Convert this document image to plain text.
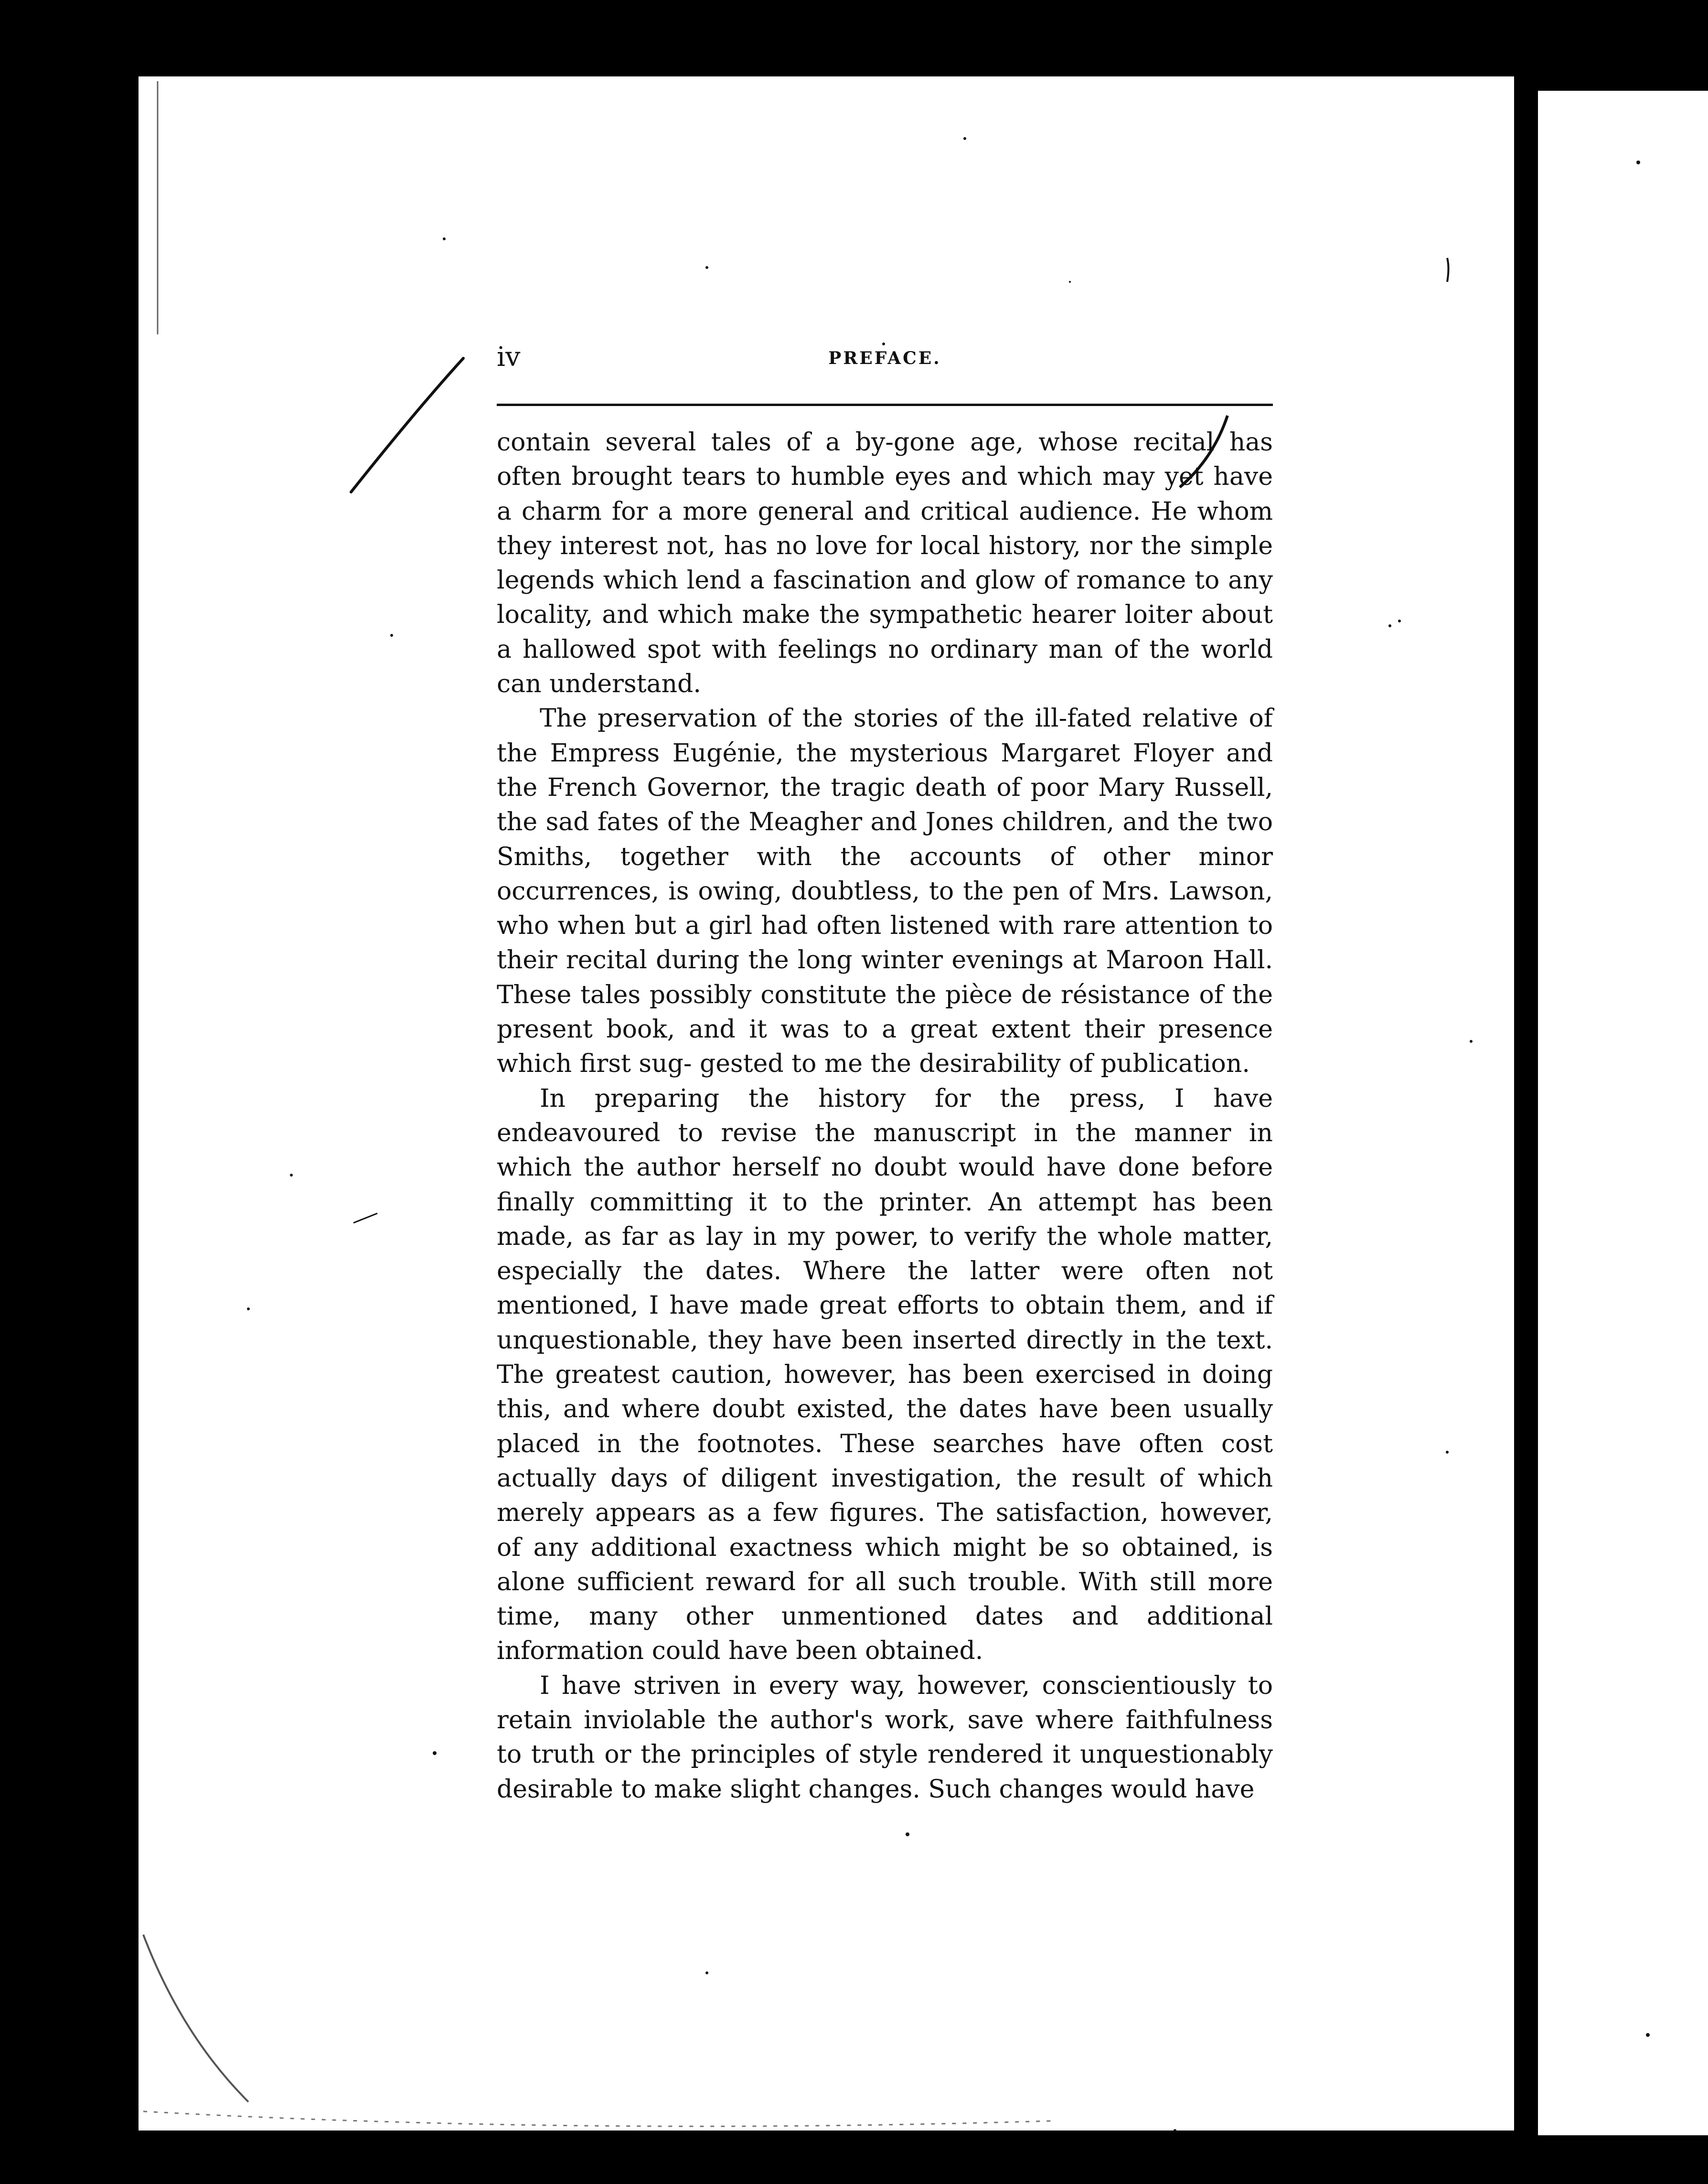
iv	PREFACE.

contain several tales of a by-gone age, whose recital has often brought tears to humble eyes and which may yet have a charm for a more general and critical audience. He whom they interest not, has no love for local history, nor the simple legends which lend a fascination and glow of romance to any locality, and which make the sympathetic hearer loiter about a hallowed spot with feelings no ordinary man of the world can understand.

The preservation of the stories of the ill-fated relative of the Empress Eugénie, the mysterious Margaret Floyer and the French Governor, the tragic death of poor Mary Russell, the sad fates of the Meagher and Jones children, and the two Smiths, together with the accounts of other minor occurrences, is owing, doubtless, to the pen of Mrs. Lawson, who when but a girl had often listened with rare attention to their recital during the long winter evenings at Maroon Hall. These tales possibly constitute the pièce de résistance of the present book, and it was to a great extent their presence which first sug- gested to me the desirability of publication.

In preparing the history for the press, I have endeavoured to revise the manuscript in the manner in which the author herself no doubt would have done before finally committing it to the printer. An attempt has been made, as far as lay in my power, to verify the whole matter, especially the dates. Where the latter were often not mentioned, I have made great efforts to obtain them, and if unquestionable, they have been inserted directly in the text. The greatest caution, however, has been exercised in doing this, and where doubt existed, the dates have been usually placed in the footnotes. These searches have often cost actually days of diligent investigation, the result of which merely appears as a few figures. The satisfaction, however, of any additional exactness which might be so obtained, is alone sufficient reward for all such trouble. With still more time, many other unmentioned dates and additional information could have been obtained.

I have striven in every way, however, conscientiously to retain inviolable the author's work, save where faithfulness to truth or the principles of style rendered it unquestionably desirable to make slight changes. Such changes would have
